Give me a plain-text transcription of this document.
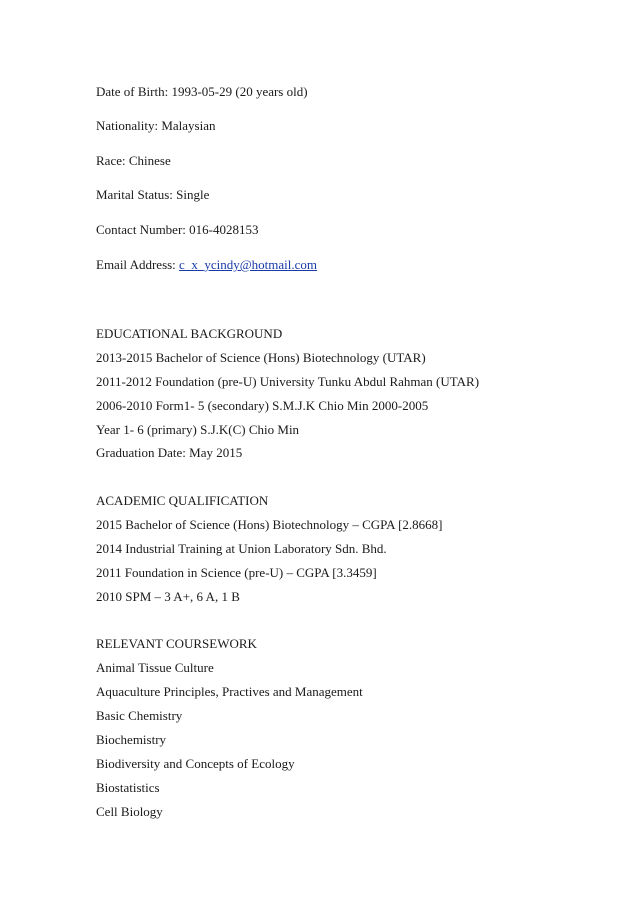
Date of Birth: 1993-05-29 (20 years old)
Nationality: Malaysian
Race: Chinese
Marital Status: Single
Contact Number: 016-4028153
Email Address: c_x_ycindy@hotmail.com
EDUCATIONAL BACKGROUND
2013-2015 Bachelor of Science (Hons) Biotechnology (UTAR)
2011-2012 Foundation (pre-U) University Tunku Abdul Rahman (UTAR)
2006-2010 Form1- 5 (secondary) S.M.J.K Chio Min 2000-2005
Year 1- 6 (primary) S.J.K(C) Chio Min
Graduation Date: May 2015
ACADEMIC QUALIFICATION
2015 Bachelor of Science (Hons) Biotechnology – CGPA [2.8668]
2014 Industrial Training at Union Laboratory Sdn. Bhd.
2011 Foundation in Science (pre-U) – CGPA [3.3459]
2010 SPM – 3 A+, 6 A, 1 B
RELEVANT COURSEWORK
Animal Tissue Culture
Aquaculture Principles, Practives and Management
Basic Chemistry
Biochemistry
Biodiversity and Concepts of Ecology
Biostatistics
Cell Biology
